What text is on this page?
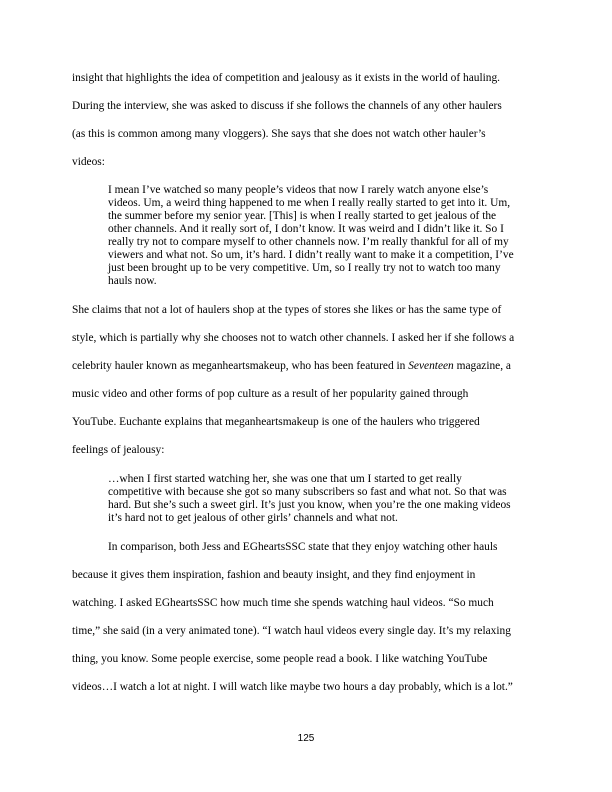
insight that highlights the idea of competition and jealousy as it exists in the world of hauling.
During the interview, she was asked to discuss if she follows the channels of any other haulers
(as this is common among many vloggers). She says that she does not watch other hauler’s
videos:
I mean I’ve watched so many people’s videos that now I rarely watch anyone else’s
videos. Um, a weird thing happened to me when I really really started to get into it. Um,
the summer before my senior year. [This] is when I really started to get jealous of the
other channels. And it really sort of, I don’t know. It was weird and I didn’t like it. So I
really try not to compare myself to other channels now. I’m really thankful for all of my
viewers and what not. So um, it’s hard. I didn’t really want to make it a competition, I’ve
just been brought up to be very competitive. Um, so I really try not to watch too many
hauls now.
She claims that not a lot of haulers shop at the types of stores she likes or has the same type of
style, which is partially why she chooses not to watch other channels. I asked her if she follows a
celebrity hauler known as meganheartsmakeup, who has been featured in Seventeen magazine, a
music video and other forms of pop culture as a result of her popularity gained through
YouTube. Euchante explains that meganheartsmakeup is one of the haulers who triggered
feelings of jealousy:
…when I first started watching her, she was one that um I started to get really
competitive with because she got so many subscribers so fast and what not. So that was
hard. But she’s such a sweet girl. It’s just you know, when you’re the one making videos
it’s hard not to get jealous of other girls’ channels and what not.
In comparison, both Jess and EGheartsSSC state that they enjoy watching other hauls
because it gives them inspiration, fashion and beauty insight, and they find enjoyment in
watching. I asked EGheartsSSC how much time she spends watching haul videos. “So much
time,” she said (in a very animated tone). “I watch haul videos every single day. It’s my relaxing
thing, you know. Some people exercise, some people read a book. I like watching YouTube
videos…I watch a lot at night. I will watch like maybe two hours a day probably, which is a lot.”
125
